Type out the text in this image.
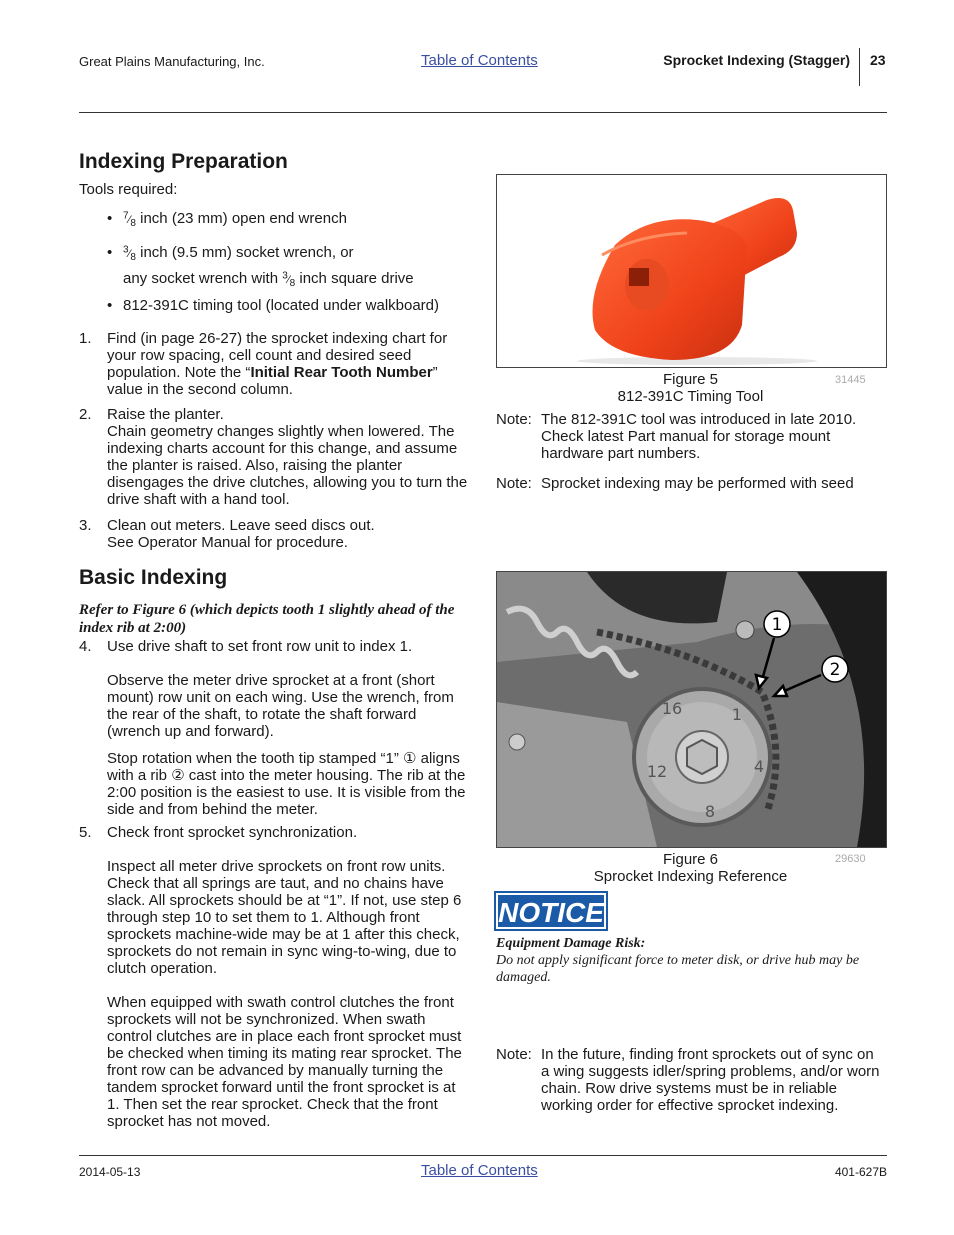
Great Plains Manufacturing, Inc.	Table of Contents	Sprocket Indexing (Stagger) 23
Indexing Preparation
Tools required:
• $^7⁄_8$ inch (23 mm) open end wrench
• $^3⁄_8$ inch (9.5 mm) socket wrench, or
any socket wrench with $^3⁄_8$ inch square drive
• 812-391C timing tool (located under walkboard)
1. Find (in page 26-27) the sprocket indexing chart for your row spacing, cell count and desired seed population. Note the “Initial Rear Tooth Number” value in the second column.
2. Raise the planter.
Chain geometry changes slightly when lowered. The indexing charts account for this change, and assume the planter is raised. Also, raising the planter disengages the drive clutches, allowing you to turn the drive shaft with a hand tool.
3. Clean out meters. Leave seed discs out.
See Operator Manual for procedure.
Basic Indexing
Refer to Figure 6 (which depicts tooth 1 slightly ahead of the index rib at 2:00)
4. Use drive shaft to set front row unit to index 1.
Observe the meter drive sprocket at a front (short mount) row unit on each wing. Use the wrench, from the rear of the shaft, to rotate the shaft forward (wrench up and forward).
Stop rotation when the tooth tip stamped “1” ① aligns with a rib ② cast into the meter housing. The rib at the 2:00 position is the easiest to use. It is visible from the side and from behind the meter.
5. Check front sprocket synchronization.
Inspect all meter drive sprockets on front row units. Check that all springs are taut, and no chains have slack. All sprockets should be at “1”. If not, use step 6 through step 10 to set them to 1. Although front sprockets machine-wide may be at 1 after this check, sprockets do not remain in sync wing-to-wing, due to clutch operation.
When equipped with swath control clutches the front sprockets will not be synchronized. When swath control clutches are in place each front sprocket must be checked when timing its mating rear sprocket. The front row can be advanced by manually turning the tandem sprocket forward until the front sprocket is at 1. Then set the rear sprocket. Check that the front sprocket has not moved.
Figure 5
812-391C Timing Tool
31445
Note: The 812-391C tool was introduced in late 2010. Check latest Part manual for storage mount hardware part numbers.
Note: Sprocket indexing may be performed with seed
16	1
4
8
12
1
2
Figure 6
Sprocket Indexing Reference
29630
NOTICE
Equipment Damage Risk:
Do not apply significant force to meter disk, or drive hub may be damaged.
Note: In the future, finding front sprockets out of sync on a wing suggests idler/spring problems, and/or worn chain. Row drive systems must be in reliable working order for effective sprocket indexing.
2014-05-13	Table of Contents	401-627B
